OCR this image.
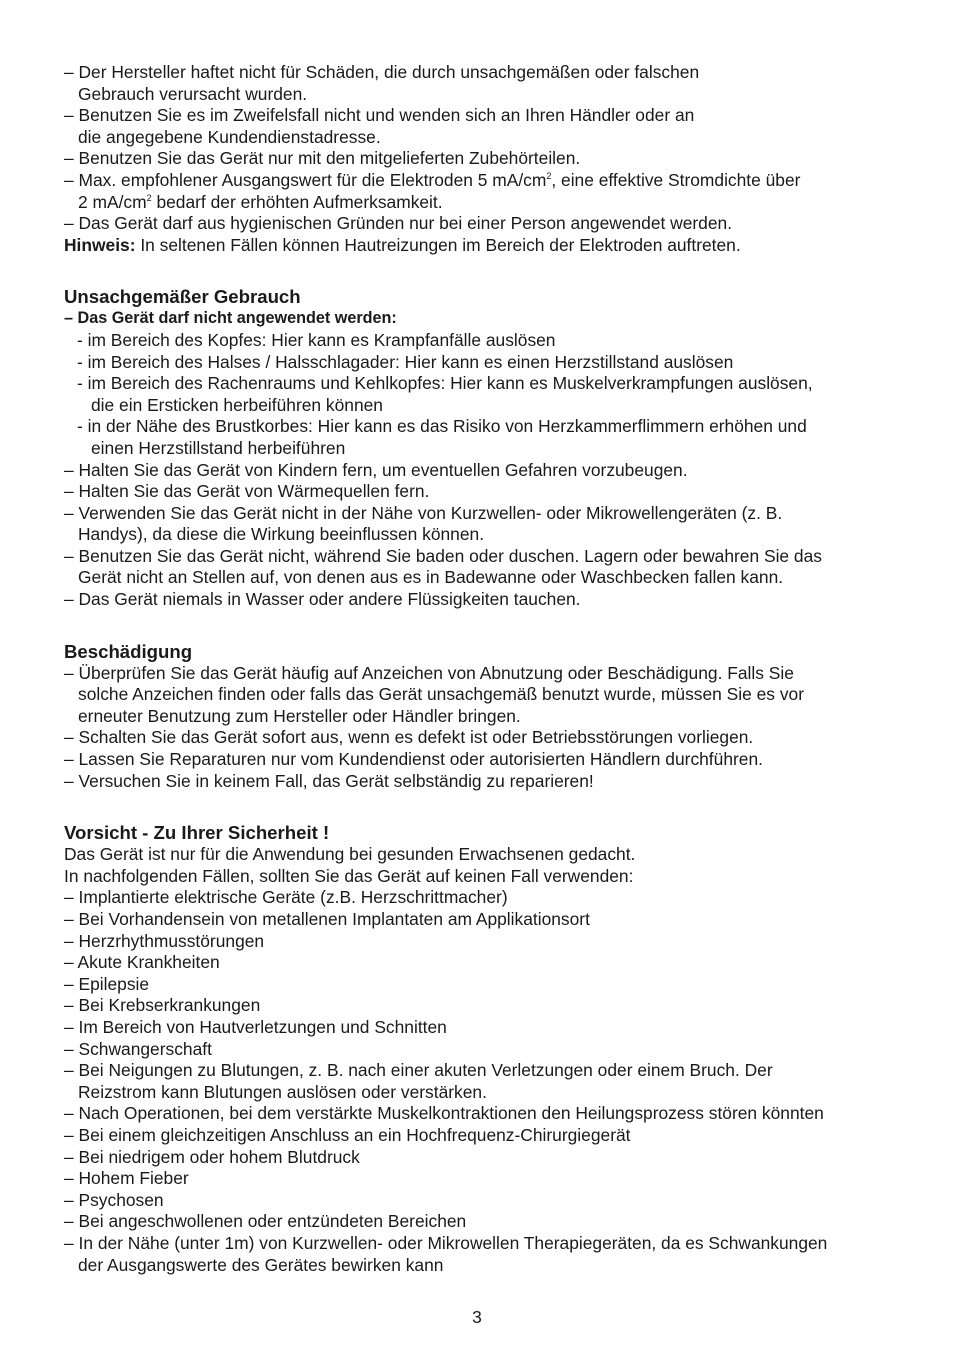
– Der Hersteller haftet nicht für Schäden, die durch unsachgemäßen oder falschen
Gebrauch verursacht wurden.
– Benutzen Sie es im Zweifelsfall nicht und wenden sich an Ihren Händler oder an
die angegebene Kundendienstadresse.
– Benutzen Sie das Gerät nur mit den mitgelieferten Zubehörteilen.
– Max. empfohlener Ausgangswert für die Elektroden 5 $mA/cm^2$, eine effektive Stromdichte über
2 $mA/cm^2$ bedarf der erhöhten Aufmerksamkeit.
– Das Gerät darf aus hygienischen Gründen nur bei einer Person angewendet werden.
Hinweis: In seltenen Fällen können Hautreizungen im Bereich der Elektroden auftreten.
Unsachgemäßer Gebrauch
– Das Gerät darf nicht angewendet werden:
- im Bereich des Kopfes: Hier kann es Krampfanfälle auslösen
- im Bereich des Halses / Halsschlagader: Hier kann es einen Herzstillstand auslösen
- im Bereich des Rachenraums und Kehlkopfes: Hier kann es Muskelverkrampfungen auslösen,
die ein Ersticken herbeiführen können
- in der Nähe des Brustkorbes: Hier kann es das Risiko von Herzkammerflimmern erhöhen und
einen Herzstillstand herbeiführen
– Halten Sie das Gerät von Kindern fern, um eventuellen Gefahren vorzubeugen.
– Halten Sie das Gerät von Wärmequellen fern.
– Verwenden Sie das Gerät nicht in der Nähe von Kurzwellen- oder Mikrowellengeräten (z. B.
Handys), da diese die Wirkung beeinflussen können.
– Benutzen Sie das Gerät nicht, während Sie baden oder duschen. Lagern oder bewahren Sie das
Gerät nicht an Stellen auf, von denen aus es in Badewanne oder Waschbecken fallen kann.
– Das Gerät niemals in Wasser oder andere Flüssigkeiten tauchen.
Beschädigung
– Überprüfen Sie das Gerät häufig auf Anzeichen von Abnutzung oder Beschädigung. Falls Sie
solche Anzeichen finden oder falls das Gerät unsachgemäß benutzt wurde, müssen Sie es vor
erneuter Benutzung zum Hersteller oder Händler bringen.
– Schalten Sie das Gerät sofort aus, wenn es defekt ist oder Betriebsstörungen vorliegen.
– Lassen Sie Reparaturen nur vom Kundendienst oder autorisierten Händlern durchführen.
– Versuchen Sie in keinem Fall, das Gerät selbständig zu reparieren!
Vorsicht - Zu Ihrer Sicherheit !
Das Gerät ist nur für die Anwendung bei gesunden Erwachsenen gedacht.
In nachfolgenden Fällen, sollten Sie das Gerät auf keinen Fall verwenden:
– Implantierte elektrische Geräte (z.B. Herzschrittmacher)
– Bei Vorhandensein von metallenen Implantaten am Applikationsort
– Herzrhythmusstörungen
– Akute Krankheiten
– Epilepsie
– Bei Krebserkrankungen
– Im Bereich von Hautverletzungen und Schnitten
– Schwangerschaft
– Bei Neigungen zu Blutungen, z. B. nach einer akuten Verletzungen oder einem Bruch. Der
Reizstrom kann Blutungen auslösen oder verstärken.
– Nach Operationen, bei dem verstärkte Muskelkontraktionen den Heilungsprozess stören könnten
– Bei einem gleichzeitigen Anschluss an ein Hochfrequenz-Chirurgiegerät
– Bei niedrigem oder hohem Blutdruck
– Hohem Fieber
– Psychosen
– Bei angeschwollenen oder entzündeten Bereichen
– In der Nähe (unter 1m) von Kurzwellen- oder Mikrowellen Therapiegeräten, da es Schwankungen
der Ausgangswerte des Gerätes bewirken kann
3
